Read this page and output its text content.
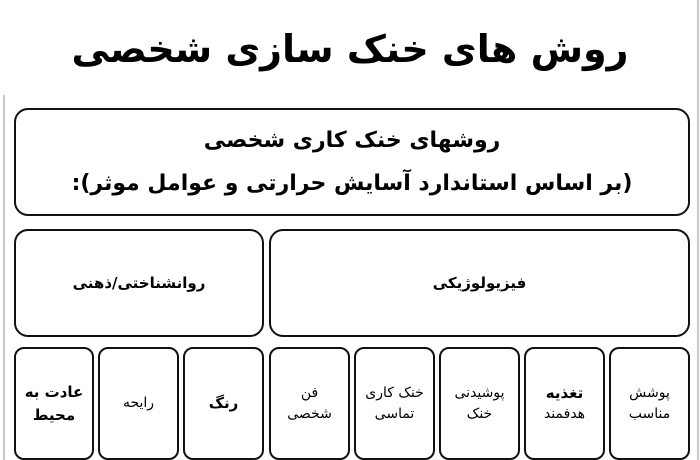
روش های خنک سازی شخصی
روشهای خنک کاری شخصی
(بر اساس استاندارد آسایش حرارتی و عوامل موثر):
روانشناختی/ذهنی	فیزیولوژیکی
پوشش
مناسب
تغذیه
هدفمند
پوشیدنی
خنک
خنک کاری
تماسی
فن
شخصی
رنگ
رایحه
عادت به
محیط
